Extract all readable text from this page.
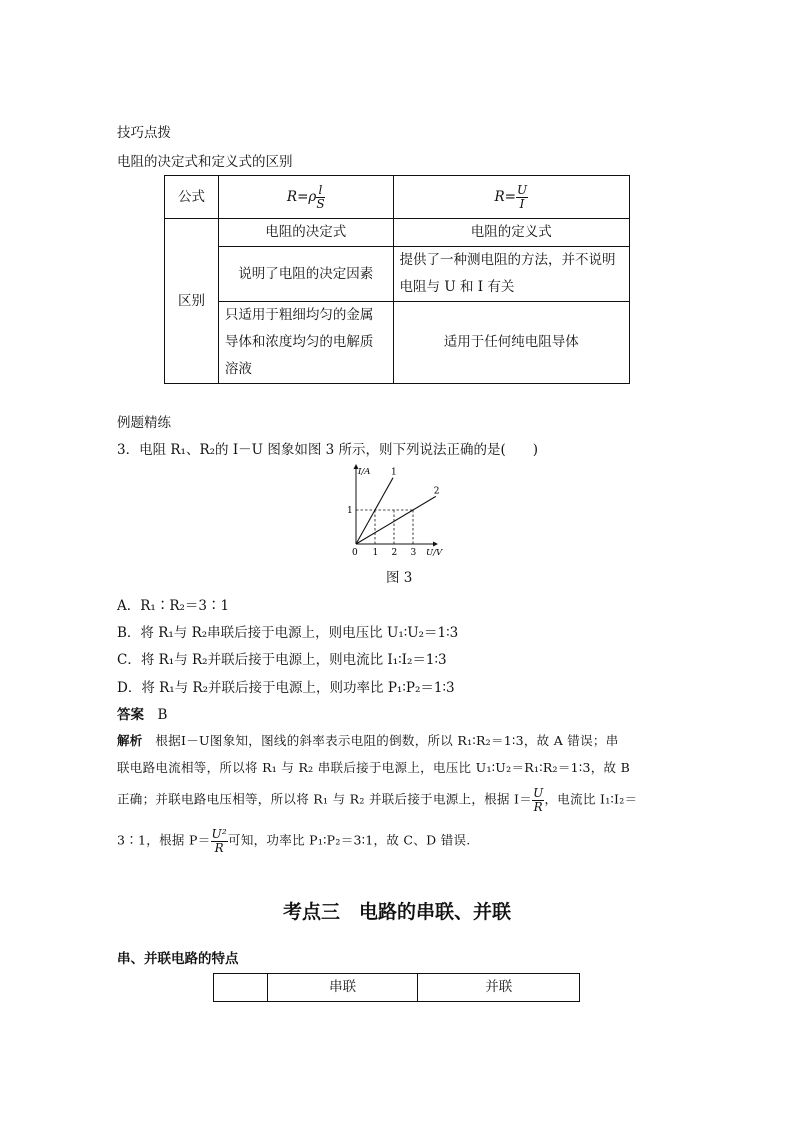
技巧点拨
电阻的决定式和定义式的区别
公式	$R=\rho \frac{l}{S}$	$R= \frac{U}{I}$

区别	电阻的决定式	电阻的定义式
	说明了电阻的决定因素	提供了一种测电阻的方法，并不说明
电阻与 U 和 I 有关

	只适用于粗细均匀的金属
导体和浓度均匀的电解质
溶液	适用于任何纯电阻导体
例题精练
3．电阻 R₁、R₂的 I－U 图象如图 3 所示，则下列说法正确的是(　　)
1
2
0 1 2 3
1
U/V
I/A
图 3
A．R₁∶R₂＝3∶1
B．将 R₁与 R₂串联后接于电源上，则电压比 U₁∶U₂＝1∶3
C．将 R₁与 R₂并联后接于电源上，则电流比 I₁∶I₂＝1∶3
D．将 R₁与 R₂并联后接于电源上，则功率比 P₁∶P₂＝1∶3
答案　 B
解析　 根据I－U图象知，图线的斜率表示电阻的倒数，所以 R₁∶R₂＝1∶3，故 A 错误；串
联电路电流相等，所以将 R₁ 与 R₂ 串联后接于电源上，电压比 U₁∶U₂＝R₁∶R₂＝1∶3，故 B
正确；并联电路电压相等，所以将 R₁ 与 R₂ 并联后接于电源上，根据 $I= \frac{U}{R}$ ，电流比 I₁∶I₂＝
3∶1，根据 $P= \frac{\text{U²}}{R}$ 可知，功率比 P₁∶P₂＝3∶1，故 C、D 错误.
考点三　电路的串联、并联
串、并联电路的特点
	串联	并联
